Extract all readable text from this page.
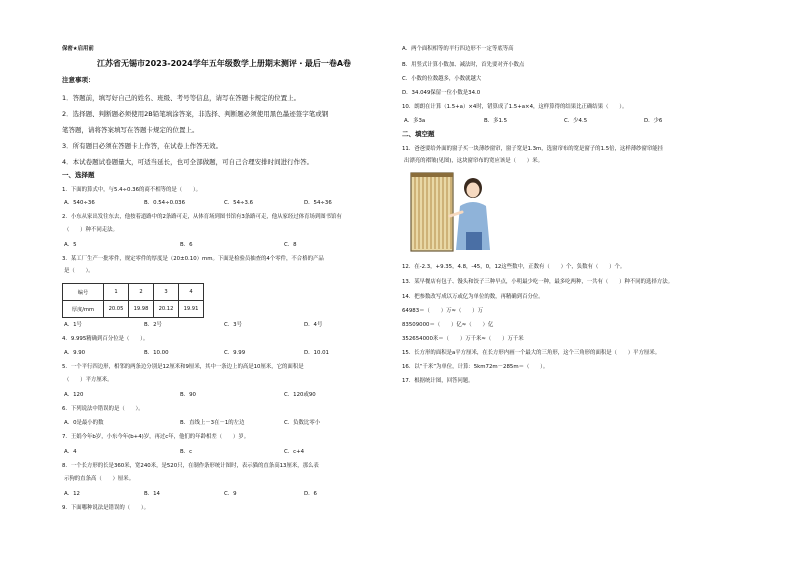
保密★启用前
江苏省无锡市2023-2024学年五年级数学上册期末测评・最后一卷A卷
注意事项：
1．答题前，填写好自己的姓名、班级、考号等信息，请写在答题卡规定的位置上。
2．选择题、判断题必须使用2B铅笔填涂答案，非选择、判断题必须使用黑色墨迹签字笔或钢
笔答题，请将答案填写在答题卡规定的位置上。
3．所有题目必须在答题卡上作答，在试卷上作答无效。
4．本试卷题试卷题量大，可适当延长，也可全部做题，可自己合理安排时间进行作答。
一、选择题
1．下面的算式中，与5.4÷0.36的商不相等的是（　　）。
A．540÷36	B．0.54÷0.036	C．54÷3.6	D．54÷36
2．小东从家出发往东去，他按着道路中的2条路可走，从体育场到图书馆有3条路可走，他从家经过体育场到图书馆有
（　　）种不同走法。
A．5	B．6	C．8
3．某工厂生产一批零件，规定零件的厚度是（20±0.10）mm。下面是检验员抽查的4个零件，不合格的产品
是（　　）。
编号	1	2	3	4
厚度/mm	20.05	19.98	20.12	19.91
A．1号	B．2号	C．3号	D．4号
4．9.995精确到百分位是（　　）。
A．9.90	B．10.00	C．9.99	D．10.01
5．一个平行四边形，相邻的两条边分别是12厘米和9厘米，其中一条边上的高是10厘米，它的面积是
（　　）平方厘米。
A．120	B．90	C．120或90
6．下列说法中错误的是（　　）。
A．0是最小的数	B．直线上－3在－1的左边	C．负数比零小
7．王娟今年b岁，小东今年(b+4)岁，再过c年，他们的年龄相差（　　）岁。
A．4	B．c	C．c+4
8．一个长方形的长是360米，宽240米，是520只，在制作条形统计图时，表示猫的直条高13厘米，那么表
示狗的直条高（　　）厘米。
A．12	B．14	C．9	D．6
9．下面哪种说法是错误的（　　）。
A．两个面积相等的平行四边形不一定等底等高
B．用竖式计算小数加、减法时，首先要对齐小数点
C．小数的位数越多，小数就越大
D．34.049保留一位小数是34.0
10．朗朗在计算（1.5+a）×4时，错算成了1.5+a×4，这样算得的结果比正确结果（　　）。
A．多3a	B．多1.5	C．少4.5	D．少6
二、填空题
11．爸爸要给外面的窗子买一块薄纱窗帘，窗子宽是1.3m，选窗帘布的宽是窗子的1.5倍，这样薄纱窗帘能挂
出漂亮的褶皱(见图)，这块窗帘布的宽应该是（　　）米。
12．在-2.3，+9.35，4.8，-45，0，12这些数中，正数有（　　）个，负数有（　　）个。
13．某早餐店有包子、馒头和饺子三种早点，小明最少吃一种，最多吃两种，一共有（　　）种不同的选择方法。
14．把参数改写成以万或亿为单位的数，再精确到百分位。
64983＝（　　）万≈（　　）万
83509000＝（　　）亿≈（　　）亿
352654000米＝（　　）万千米≈（　　）万千米
15．长方形的面积是a平方厘米，在长方形内画一个最大的三角形，这个三角形的面积是（　　）平方厘米。
16．以“千米”为单位，计算：5km72m－285m＝（　　）。
17．根据统计图，回答问题。
